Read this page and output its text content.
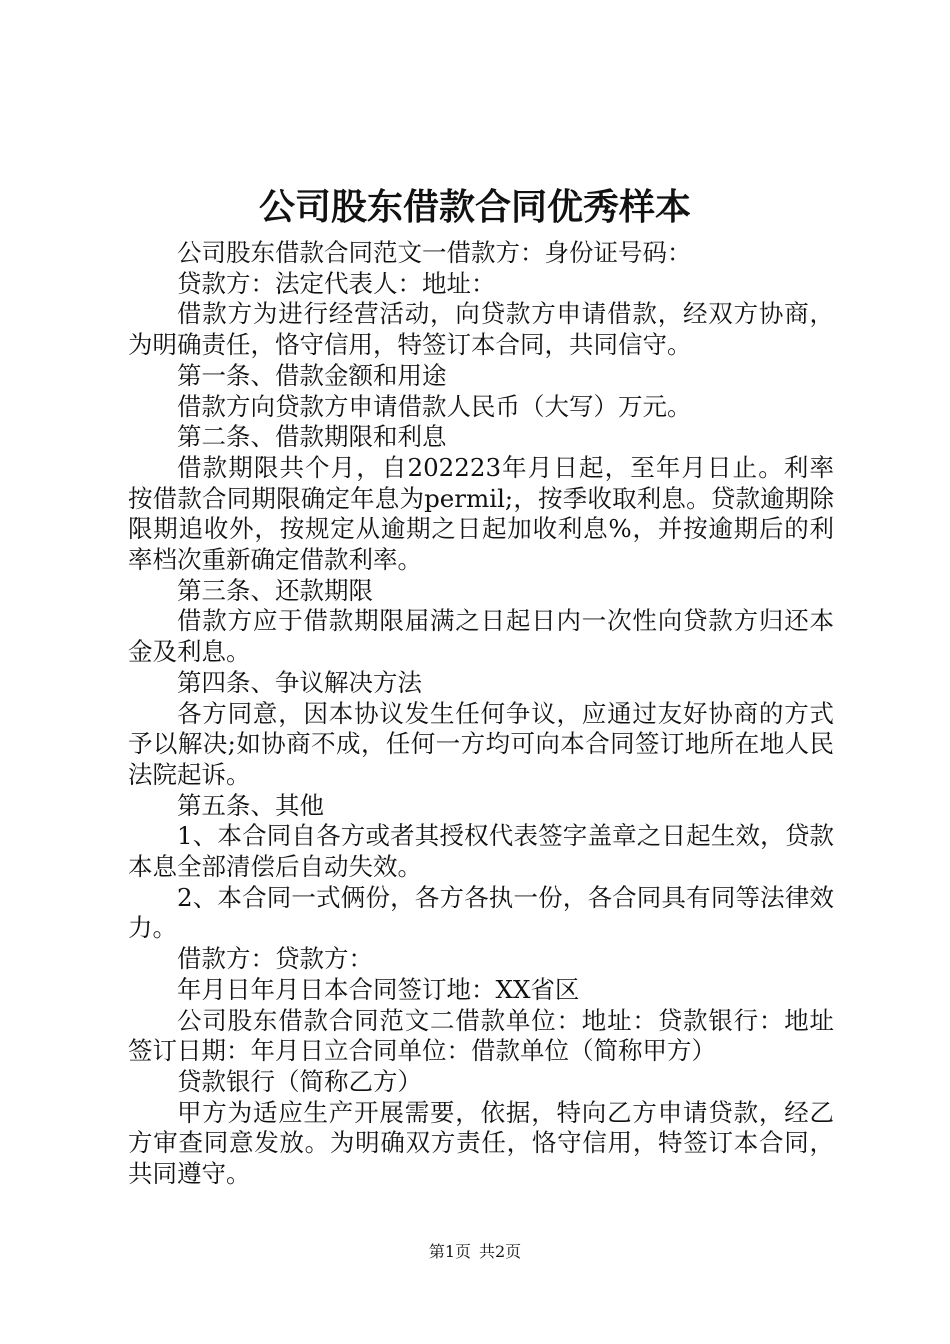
公司股东借款合同优秀样本

公司股东借款合同范文一借款方：身份证号码：

贷款方：法定代表人：地址：

借款方为进行经营活动，向贷款方申请借款，经双方协商，为明确责任，恪守信用，特签订本合同，共同信守。

第一条、借款金额和用途

借款方向贷款方申请借款人民币（大写）万元。

第二条、借款期限和利息

借款期限共个月，自202223年月日起，至年月日止。利率按借款合同期限确定年息为permil;，按季收取利息。贷款逾期除限期追收外，按规定从逾期之日起加收利息%，并按逾期后的利率档次重新确定借款利率。

第三条、还款期限

借款方应于借款期限届满之日起日内一次性向贷款方归还本金及利息。

第四条、争议解决方法

各方同意，因本协议发生任何争议，应通过友好协商的方式予以解决;如协商不成，任何一方均可向本合同签订地所在地人民法院起诉。

第五条、其他

1、本合同自各方或者其授权代表签字盖章之日起生效，贷款本息全部清偿后自动失效。

2、本合同一式俩份，各方各执一份，各合同具有同等法律效力。

借款方：贷款方：

年月日年月日本合同签订地：XX省区

公司股东借款合同范文二借款单位：地址：贷款银行：地址签订日期：年月日立合同单位：借款单位（简称甲方）

贷款银行（简称乙方）

甲方为适应生产开展需要，依据，特向乙方申请贷款，经乙方审查同意发放。为明确双方责任，恪守信用，特签订本合同，共同遵守。

第1页 共2页
